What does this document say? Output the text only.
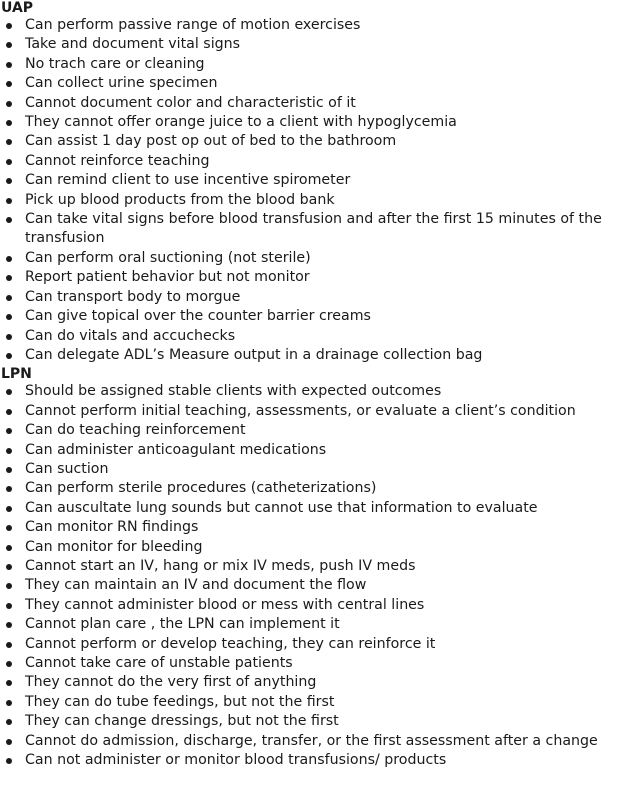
UAP
Can perform passive range of motion exercises
Take and document vital signs
No trach care or cleaning
Can collect urine specimen
Cannot document color and characteristic of it
They cannot offer orange juice to a client with hypoglycemia
Can assist 1 day post op out of bed to the bathroom
Cannot reinforce teaching
Can remind client to use incentive spirometer
Pick up blood products from the blood bank
Can take vital signs before blood transfusion and after the first 15 minutes of the transfusion
Can perform oral suctioning (not sterile)
Report patient behavior but not monitor
Can transport body to morgue
Can give topical over the counter barrier creams
Can do vitals and accuchecks
Can delegate ADL’s Measure output in a drainage collection bag
LPN
Should be assigned stable clients with expected outcomes
Cannot perform initial teaching, assessments, or evaluate a client’s condition
Can do teaching reinforcement
Can administer anticoagulant medications
Can suction
Can perform sterile procedures (catheterizations)
Can auscultate lung sounds but cannot use that information to evaluate
Can monitor RN findings
Can monitor for bleeding
Cannot start an IV, hang or mix IV meds, push IV meds
They can maintain an IV and document the flow
They cannot administer blood or mess with central lines
Cannot plan care , the LPN can implement it
Cannot perform or develop teaching, they can reinforce it
Cannot take care of unstable patients
They cannot do the very first of anything
They can do tube feedings, but not the first
They can change dressings, but not the first
Cannot do admission, discharge, transfer, or the first assessment after a change
Can not administer or monitor blood transfusions/ products
